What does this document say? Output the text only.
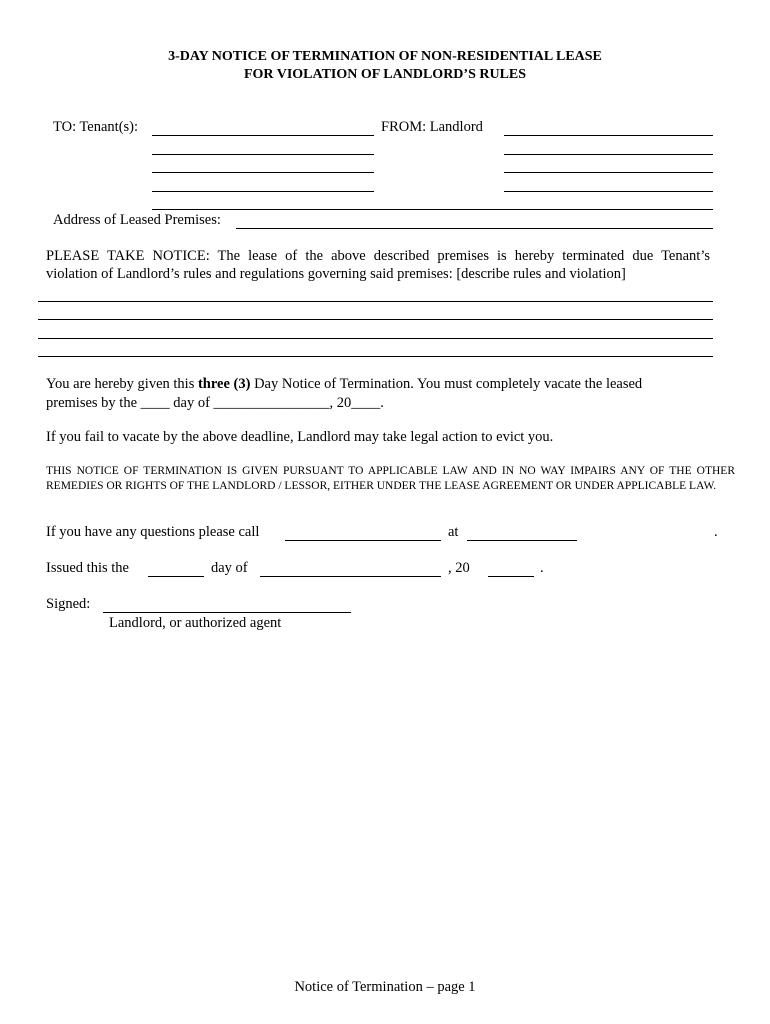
3-DAY NOTICE OF TERMINATION OF NON-RESIDENTIAL LEASE
FOR VIOLATION OF LANDLORD’S RULES
TO: Tenant(s):	FROM: Landlord
Address of Leased Premises:
PLEASE TAKE NOTICE: The lease of the above described premises is hereby terminated due Tenant’s
violation of Landlord’s rules and regulations governing said premises: [describe rules and violation]
You are hereby given this three (3) Day Notice of Termination. You must completely vacate the leased
premises by the ____ day of ________________, 20____.
If you fail to vacate by the above deadline, Landlord may take legal action to evict you.
THIS NOTICE OF TERMINATION IS GIVEN PURSUANT TO APPLICABLE LAW AND IN NO WAY IMPAIRS ANY OF THE OTHER REMEDIES OR RIGHTS OF THE LANDLORD / LESSOR, EITHER UNDER THE LEASE AGREEMENT OR UNDER APPLICABLE LAW.
If you have any questions please call	at	.
Issued this the	day of	, 20	.
Signed:
Landlord, or authorized agent
Notice of Termination – page 1
